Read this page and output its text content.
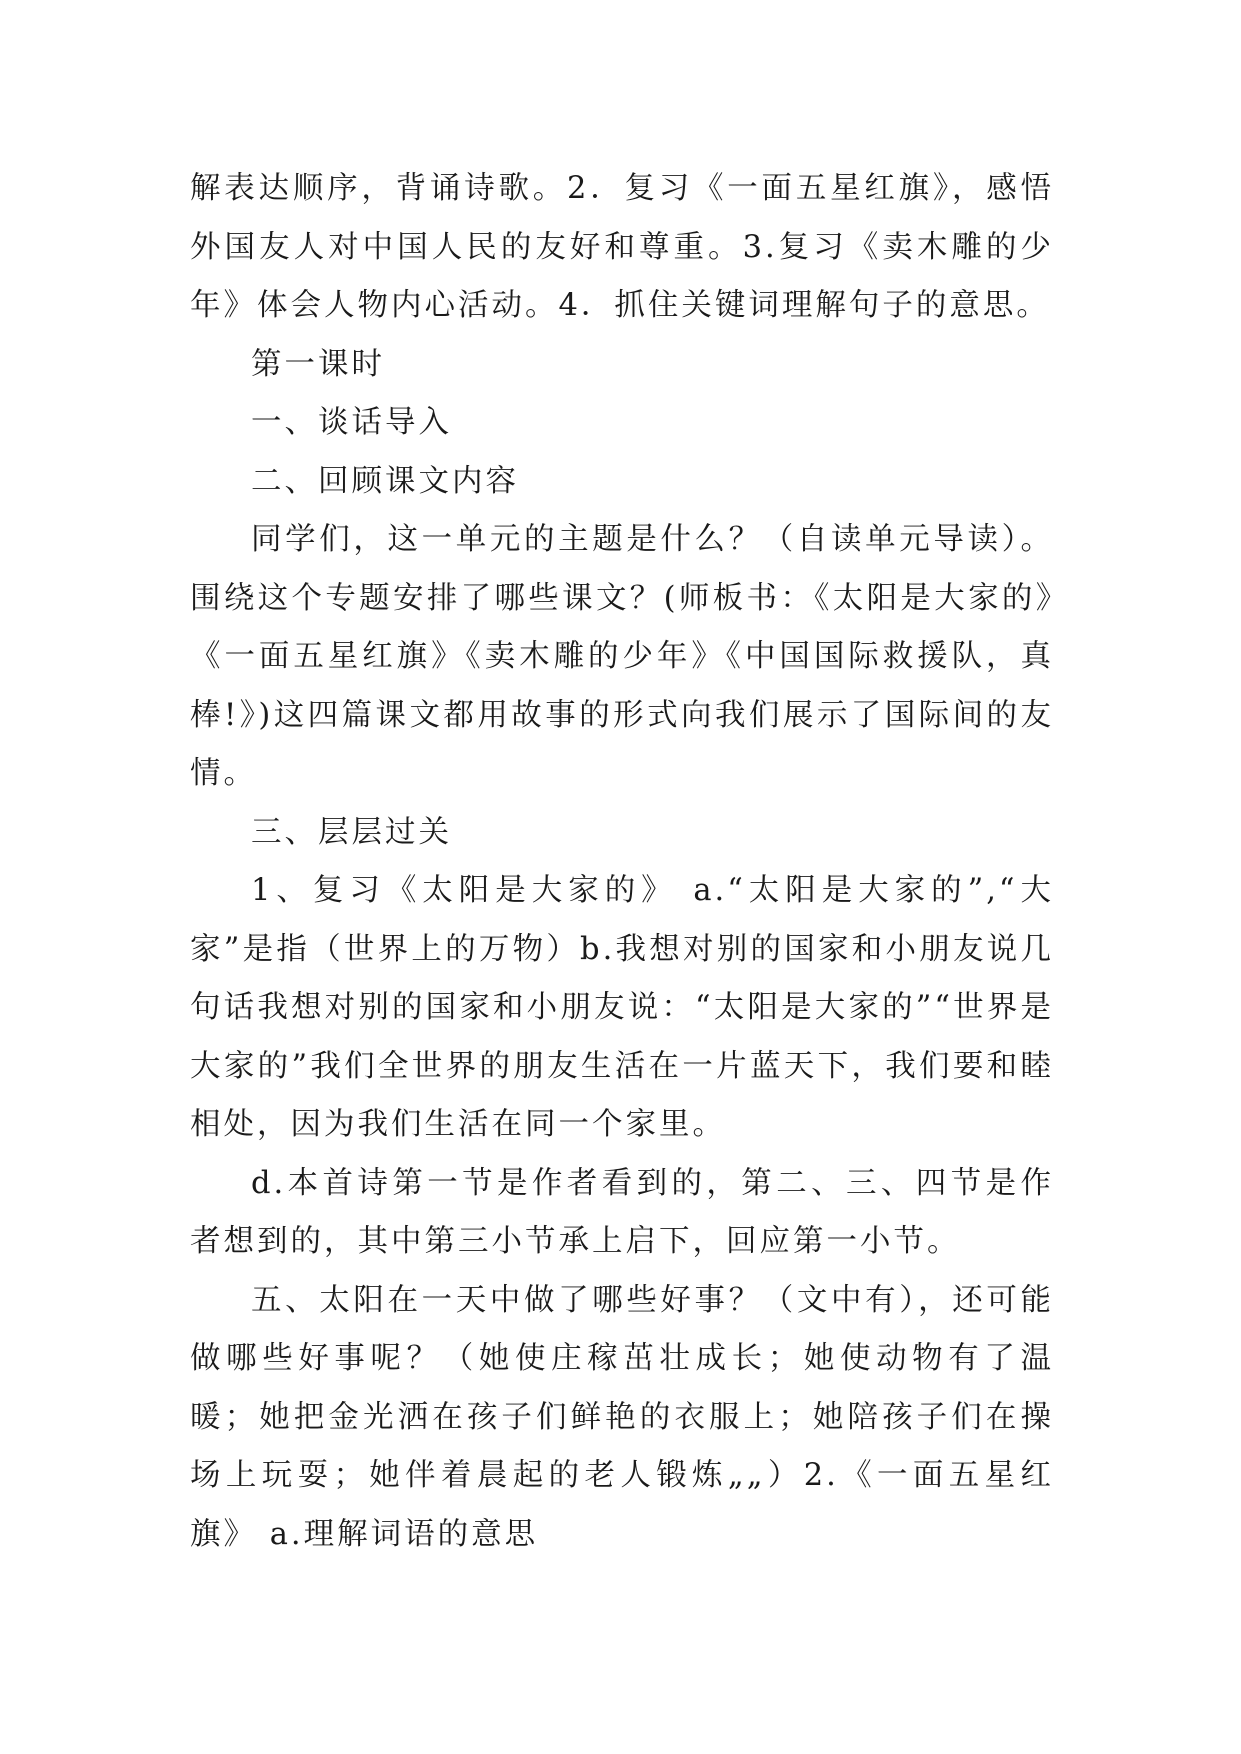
解表达顺序，背诵诗歌。2．复习《一面五星红旗》，感悟外国友人对中国人民的友好和尊重。3.复习《卖木雕的少年》体会人物内心活动。4．抓住关键词理解句子的意思。

第一课时

一、谈话导入

二、回顾课文内容

同学们，这一单元的主题是什么？（自读单元导读）。围绕这个专题安排了哪些课文？(师板书：《太阳是大家的》《一面五星红旗》《卖木雕的少年》《中国国际救援队，真棒!》)这四篇课文都用故事的形式向我们展示了国际间的友情。

三、层层过关

1、复习《太阳是大家的》 a.“太阳是大家的”,“大家”是指（世界上的万物）b.我想对别的国家和小朋友说几句话我想对别的国家和小朋友说：“太阳是大家的”“世界是大家的”我们全世界的朋友生活在一片蓝天下，我们要和睦相处，因为我们生活在同一个家里。

d.本首诗第一节是作者看到的，第二、三、四节是作者想到的，其中第三小节承上启下，回应第一小节。

五、太阳在一天中做了哪些好事？（文中有），还可能做哪些好事呢？（她使庄稼茁壮成长；她使动物有了温暖；她把金光洒在孩子们鲜艳的衣服上；她陪孩子们在操场上玩耍；她伴着晨起的老人锻炼„„）2.《一面五星红旗》 a.理解词语的意思
